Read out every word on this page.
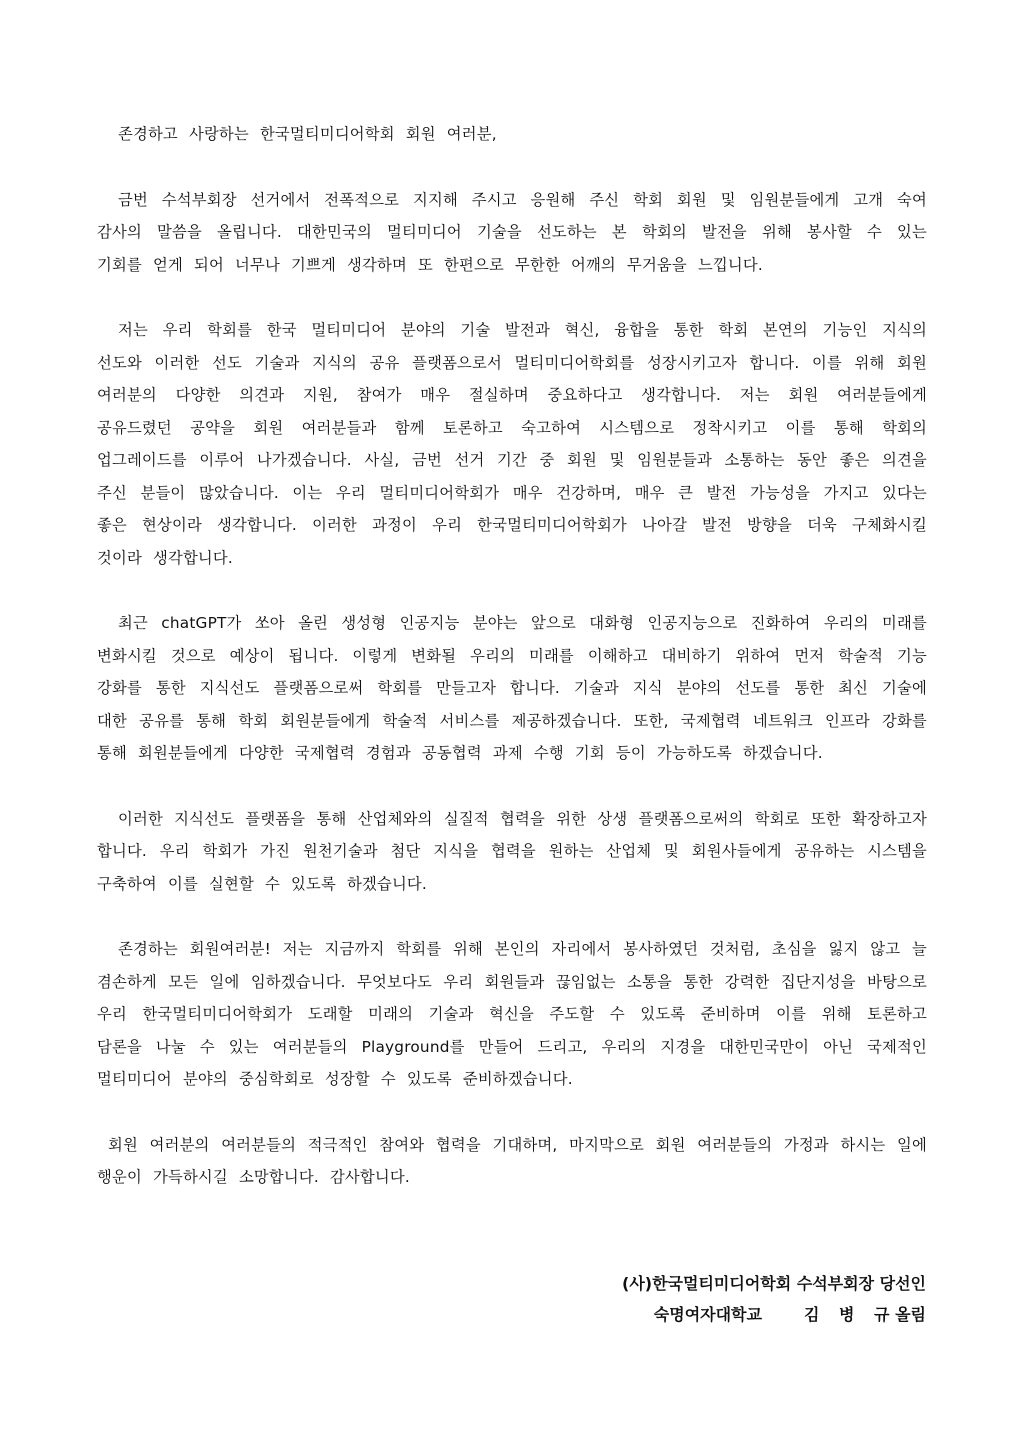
존경하고 사랑하는 한국멀티미디어학회 회원 여러분,

금번 수석부회장 선거에서 전폭적으로 지지해 주시고 응원해 주신 학회 회원 및 임원분들에게 고개 숙여 감사의 말씀을 올립니다. 대한민국의 멀티미디어 기술을 선도하는 본 학회의 발전을 위해 봉사할 수 있는 기회를 얻게 되어 너무나 기쁘게 생각하며 또 한편으로 무한한 어깨의 무거움을 느낍니다.

저는 우리 학회를 한국 멀티미디어 분야의 기술 발전과 혁신, 융합을 통한 학회 본연의 기능인 지식의 선도와 이러한 선도 기술과 지식의 공유 플랫폼으로서 멀티미디어학회를 성장시키고자 합니다. 이를 위해 회원 여러분의 다양한 의견과 지원, 참여가 매우 절실하며 중요하다고 생각합니다. 저는 회원 여러분들에게 공유드렸던 공약을 회원 여러분들과 함께 토론하고 숙고하여 시스템으로 정착시키고 이를 통해 학회의 업그레이드를 이루어 나가겠습니다. 사실, 금번 선거 기간 중 회원 및 임원분들과 소통하는 동안 좋은 의견을 주신 분들이 많았습니다. 이는 우리 멀티미디어학회가 매우 건강하며, 매우 큰 발전 가능성을 가지고 있다는 좋은 현상이라 생각합니다. 이러한 과정이 우리 한국멀티미디어학회가 나아갈 발전 방향을 더욱 구체화시킬 것이라 생각합니다.

최근 chatGPT가 쏘아 올린 생성형 인공지능 분야는 앞으로 대화형 인공지능으로 진화하여 우리의 미래를 변화시킬 것으로 예상이 됩니다. 이렇게 변화될 우리의 미래를 이해하고 대비하기 위하여 먼저 학술적 기능 강화를 통한 지식선도 플랫폼으로써 학회를 만들고자 합니다. 기술과 지식 분야의 선도를 통한 최신 기술에 대한 공유를 통해 학회 회원분들에게 학술적 서비스를 제공하겠습니다. 또한, 국제협력 네트워크 인프라 강화를 통해 회원분들에게 다양한 국제협력 경험과 공동협력 과제 수행 기회 등이 가능하도록 하겠습니다.

이러한 지식선도 플랫폼을 통해 산업체와의 실질적 협력을 위한 상생 플랫폼으로써의 학회로 또한 확장하고자 합니다. 우리 학회가 가진 원천기술과 첨단 지식을 협력을 원하는 산업체 및 회원사들에게 공유하는 시스템을 구축하여 이를 실현할 수 있도록 하겠습니다.

존경하는 회원여러분! 저는 지금까지 학회를 위해 본인의 자리에서 봉사하였던 것처럼, 초심을 잃지 않고 늘 겸손하게 모든 일에 임하겠습니다. 무엇보다도 우리 회원들과 끊임없는 소통을 통한 강력한 집단지성을 바탕으로 우리 한국멀티미디어학회가 도래할 미래의 기술과 혁신을 주도할 수 있도록 준비하며 이를 위해 토론하고 담론을 나눌 수 있는 여러분들의 Playground를 만들어 드리고, 우리의 지경을 대한민국만이 아닌 국제적인 멀티미디어 분야의 중심학회로 성장할 수 있도록 준비하겠습니다.

회원 여러분의 여러분들의 적극적인 참여와 협력을 기대하며, 마지막으로 회원 여러분들의 가정과 하시는 일에 행운이 가득하시길 소망합니다. 감사합니다.

(사)한국멀티미디어학회 수석부회장 당선인
숙명여자대학교	김 병 규 올림
